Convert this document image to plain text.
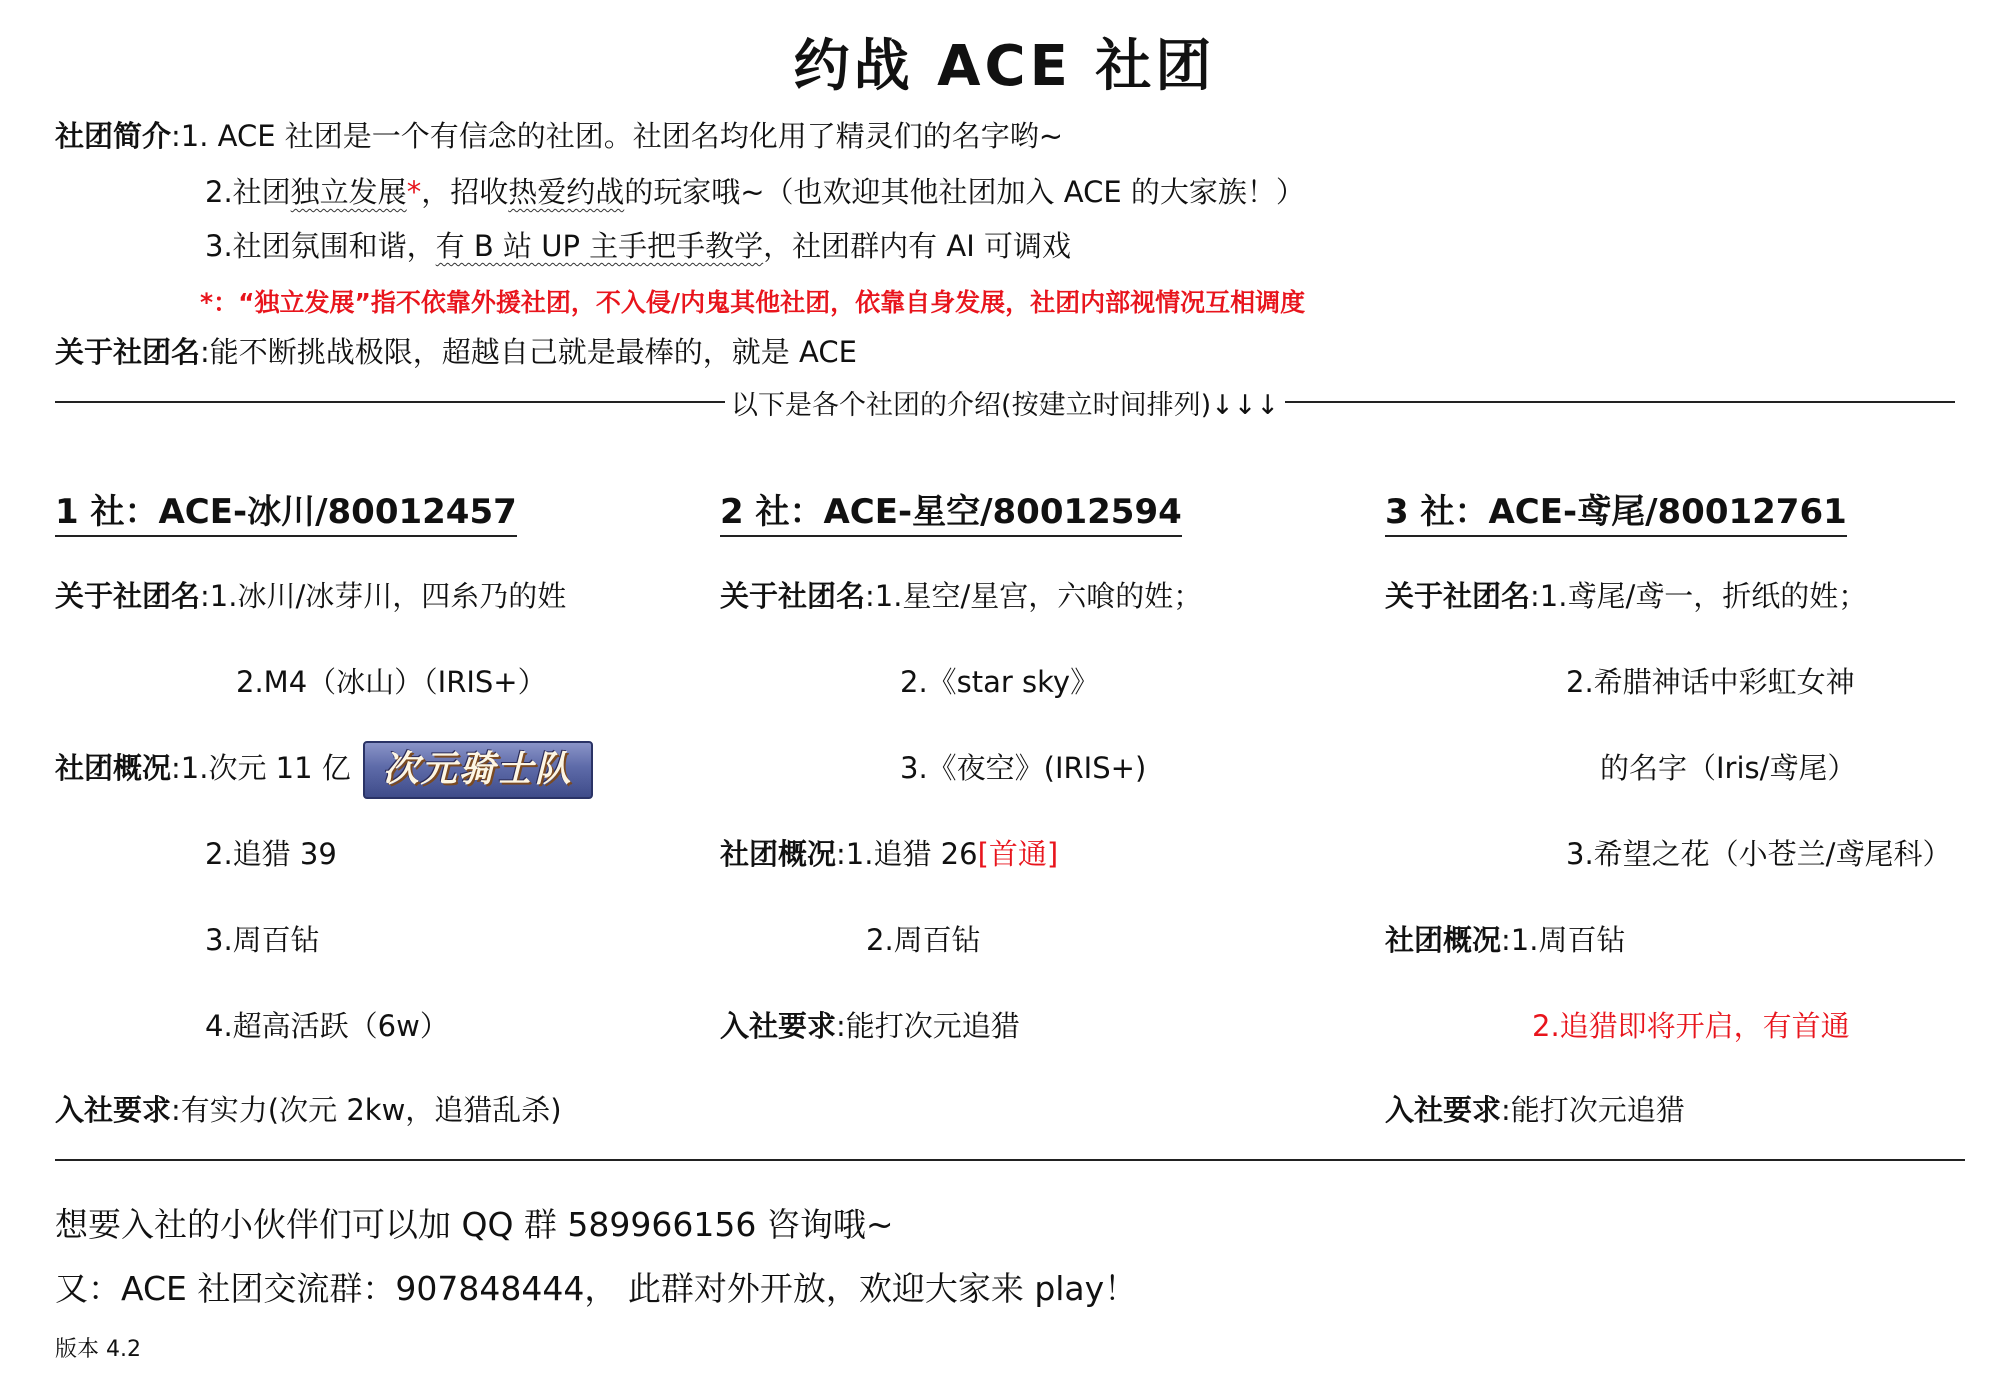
约战 ACE 社团
社团简介:1. ACE 社团是一个有信念的社团。社团名均化用了精灵们的名字哟~
2.社团独立发展*，招收热爱约战的玩家哦~（也欢迎其他社团加入 ACE 的大家族！）
3.社团氛围和谐，有 B 站 UP 主手把手教学，社团群内有 AI 可调戏
*：“独立发展”指不依靠外援社团，不入侵/内鬼其他社团，依靠自身发展，社团内部视情况互相调度
关于社团名:能不断挑战极限，超越自己就是最棒的，就是 ACE
以下是各个社团的介绍(按建立时间排列)↓↓↓
1 社：ACE-冰川/80012457
关于社团名:1.冰川/冰芽川，四糸乃的姓
2.M4（冰山）（IRIS+）
社团概况:1.次元 11 亿 次元骑士队
2.追猎 39
3.周百钻
4.超高活跃（6w）
入社要求:有实力(次元 2kw，追猎乱杀)
2 社：ACE-星空/80012594
关于社团名:1.星空/星宫，六喰的姓；
2.《star sky》
3.《夜空》(IRIS+)
社团概况:1.追猎 26[首通]
2.周百钻
入社要求:能打次元追猎
3 社：ACE-鸢尾/80012761
关于社团名:1.鸢尾/鸢一，折纸的姓；
2.希腊神话中彩虹女神
的名字（Iris/鸢尾）
3.希望之花（小苍兰/鸢尾科）
社团概况:1.周百钻
2.追猎即将开启，有首通
入社要求:能打次元追猎
想要入社的小伙伴们可以加 QQ 群 589966156 咨询哦~
又：ACE 社团交流群：907848444， 此群对外开放，欢迎大家来 play！
版本 4.2
